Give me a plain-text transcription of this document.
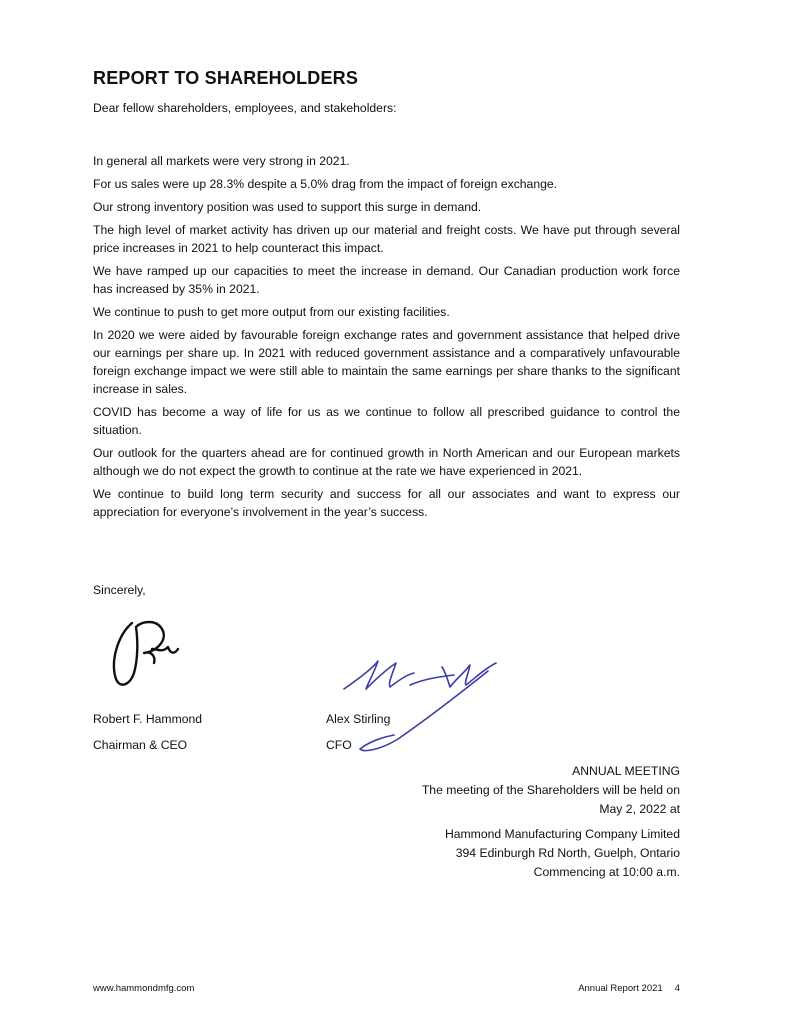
REPORT TO SHAREHOLDERS

Dear fellow shareholders, employees, and stakeholders:

In general all markets were very strong in 2021.

For us sales were up 28.3% despite a 5.0% drag from the impact of foreign exchange.

Our strong inventory position was used to support this surge in demand.

The high level of market activity has driven up our material and freight costs. We have put through several price increases in 2021 to help counteract this impact.

We have ramped up our capacities to meet the increase in demand. Our Canadian production work force has increased by 35% in 2021.

We continue to push to get more output from our existing facilities.

In 2020 we were aided by favourable foreign exchange rates and government assistance that helped drive our earnings per share up. In 2021 with reduced government assistance and a comparatively unfavourable foreign exchange impact we were still able to maintain the same earnings per share thanks to the significant increase in sales.

COVID has become a way of life for us as we continue to follow all prescribed guidance to control the situation.

Our outlook for the quarters ahead are for continued growth in North American and our European markets although we do not expect the growth to continue at the rate we have experienced in 2021.

We continue to build long term security and success for all our associates and want to express our appreciation for everyone’s involvement in the year’s success.

Sincerely,

Robert F. Hammond

Chairman & CEO

Alex Stirling

CFO

ANNUAL MEETING
The meeting of the Shareholders will be held on
May 2, 2022 at
Hammond Manufacturing Company Limited
394 Edinburgh Rd North, Guelph, Ontario
Commencing at 10:00 a.m.
www.hammondmfg.com	Annual Report 2021 4
